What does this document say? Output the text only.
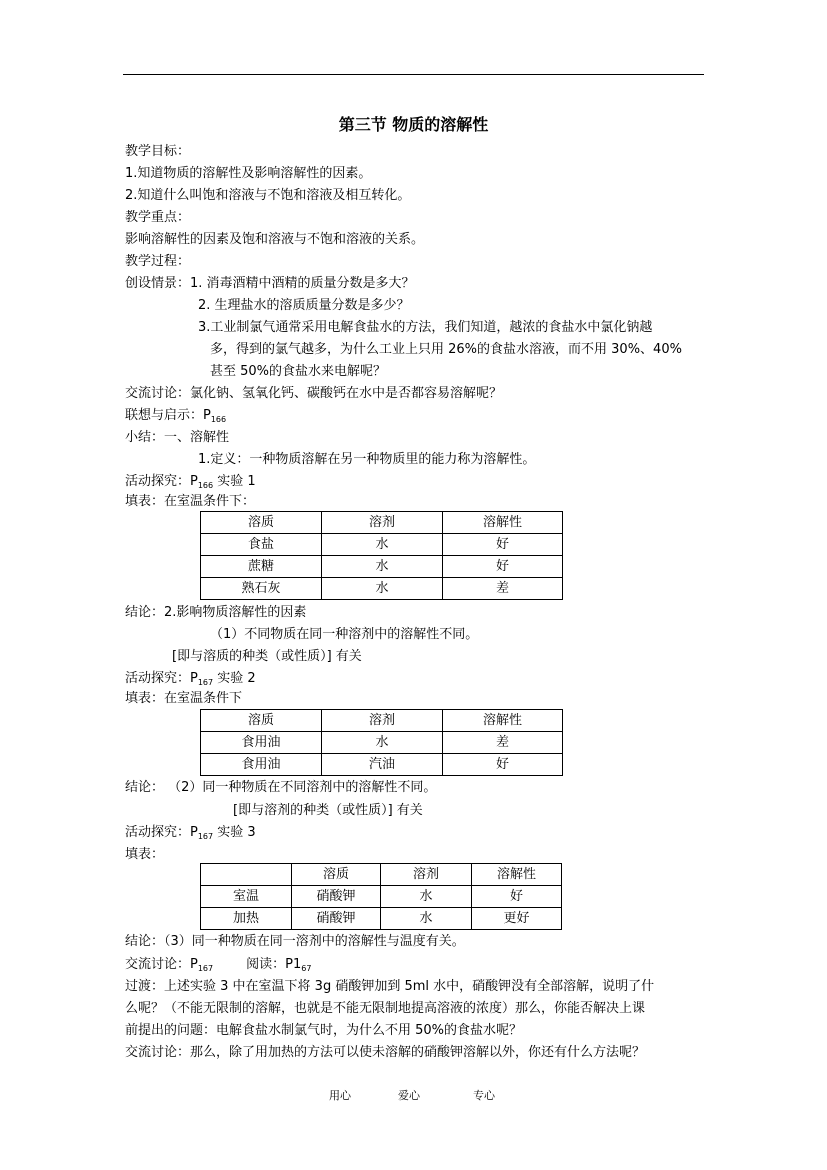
第三节 物质的溶解性
教学目标：
1.知道物质的溶解性及影响溶解性的因素。
2.知道什么叫饱和溶液与不饱和溶液及相互转化。
教学重点：
影响溶解性的因素及饱和溶液与不饱和溶液的关系。
教学过程：
创设情景：1. 消毒酒精中酒精的质量分数是多大？
2. 生理盐水的溶质质量分数是多少？
3.工业制氯气通常采用电解食盐水的方法，我们知道，越浓的食盐水中氯化钠越
多，得到的氯气越多，为什么工业上只用 26%的食盐水溶液，而不用 30%、40%
甚至 50%的食盐水来电解呢？
交流讨论：氯化钠、氢氧化钙、碳酸钙在水中是否都容易溶解呢？
联想与启示：$P_{166}$
小结：一、溶解性
1.定义：一种物质溶解在另一种物质里的能力称为溶解性。
活动探究：$P_{166}$ 实验 1
填表：在室温条件下：
溶质	溶剂	溶解性
食盐	水	好
蔗糖	水	好
熟石灰	水	差
结论：2.影响物质溶解性的因素
（1）不同物质在同一种溶剂中的溶解性不同。
[即与溶质的种类（或性质）] 有关
活动探究：$P_{167}$ 实验 2
填表：在室温条件下
溶质	溶剂	溶解性
食用油	水	差
食用油	汽油	好
结论： （2）同一种物质在不同溶剂中的溶解性不同。
[即与溶剂的种类（或性质）] 有关
活动探究：$P_{167}$ 实验 3
填表：
	溶质	溶剂	溶解性
室温	硝酸钾	水	好
加热	硝酸钾	水	更好
结论：（3）同一种物质在同一溶剂中的溶解性与温度有关。
交流讨论：$P_{167}$        阅读：$P1_{67}$
过渡：上述实验 3 中在室温下将 3g 硝酸钾加到 5ml 水中，硝酸钾没有全部溶解，说明了什
么呢？（不能无限制的溶解，也就是不能无限制地提高溶液的浓度）那么，你能否解决上课
前提出的问题：电解食盐水制氯气时，为什么不用 50%的食盐水呢？
交流讨论：那么，除了用加热的方法可以使未溶解的硝酸钾溶解以外，你还有什么方法呢？
用心	爱心	专心
